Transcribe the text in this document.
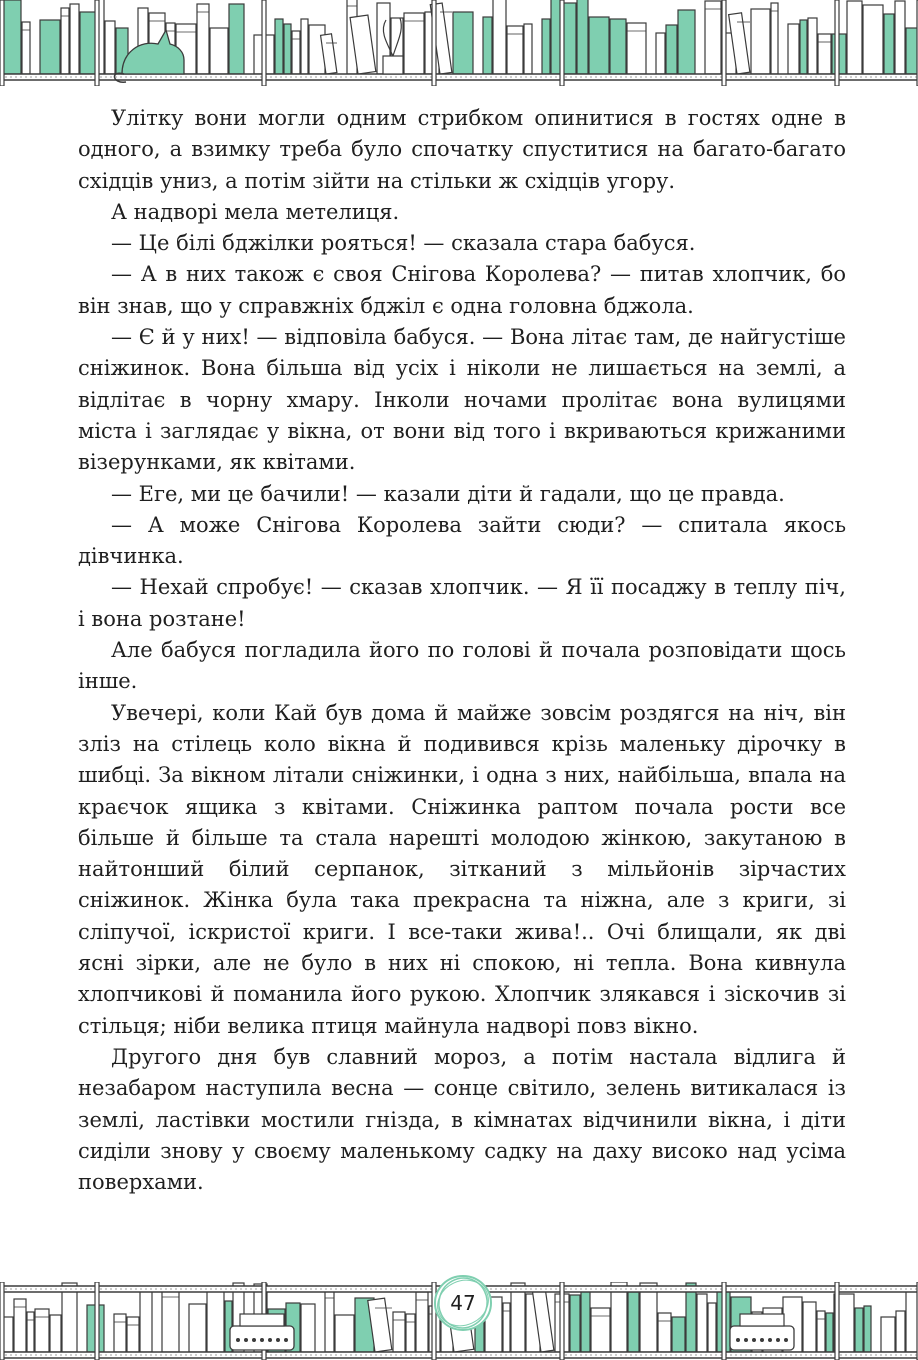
Улітку вони могли одним стрибком опинитися в гостях одне в одного, а взимку треба було спочатку спуститися на багато-багато східців униз, а потім зійти на стільки ж східців угору.

А надворі мела метелиця.

— Це білі бджілки рояться! — сказала стара бабуся.

— А в них також є своя Снігова Королева? — питав хлопчик, бо він знав, що у справжніх бджіл є одна головна бджола.

— Є й у них! — відповіла бабуся. — Вона літає там, де найгустіше сніжинок. Вона більша від усіх і ніколи не лишається на землі, а відлітає в чорну хмару. Інколи ночами пролітає вона вулицями міста і заглядає у вікна, от вони від того і вкриваються крижаними візерунками, як квітами.

— Еге, ми це бачили! — казали діти й гадали, що це правда.

— А може Снігова Королева зайти сюди? — спитала якось дівчинка.

— Нехай спробує! — сказав хлопчик. — Я її посаджу в теплу піч, і вона розтане!

Але бабуся погладила його по голові й почала розповідати щось інше.

Увечері, коли Кай був дома й майже зовсім роздягся на ніч, він зліз на стілець коло вікна й подивився крізь маленьку дірочку в шибці. За вікном літали сніжинки, і одна з них, найбільша, впала на краєчок ящика з квітами. Сніжинка раптом почала рости все більше й більше та стала нарешті молодою жінкою, закутаною в найтонший білий серпанок, зітканий з мільйонів зірчастих сніжинок. Жінка була така прекрасна та ніжна, але з криги, зі сліпучої, іскристої криги. І все-таки жива!.. Очі блищали, як дві ясні зірки, але не було в них ні спокою, ні тепла. Вона кивнула хлопчикові й поманила його рукою. Хлопчик злякався і зіскочив зі стільця; ніби велика птиця майнула надворі повз вікно.

Другого дня був славний мороз, а потім настала відлига й незабаром наступила весна — сонце світило, зелень витикалася із землі, ластівки мостили гнізда, в кімнатах відчинили вікна, і діти сиділи знову у своєму маленькому садку на даху високо над усіма поверхами.

47
